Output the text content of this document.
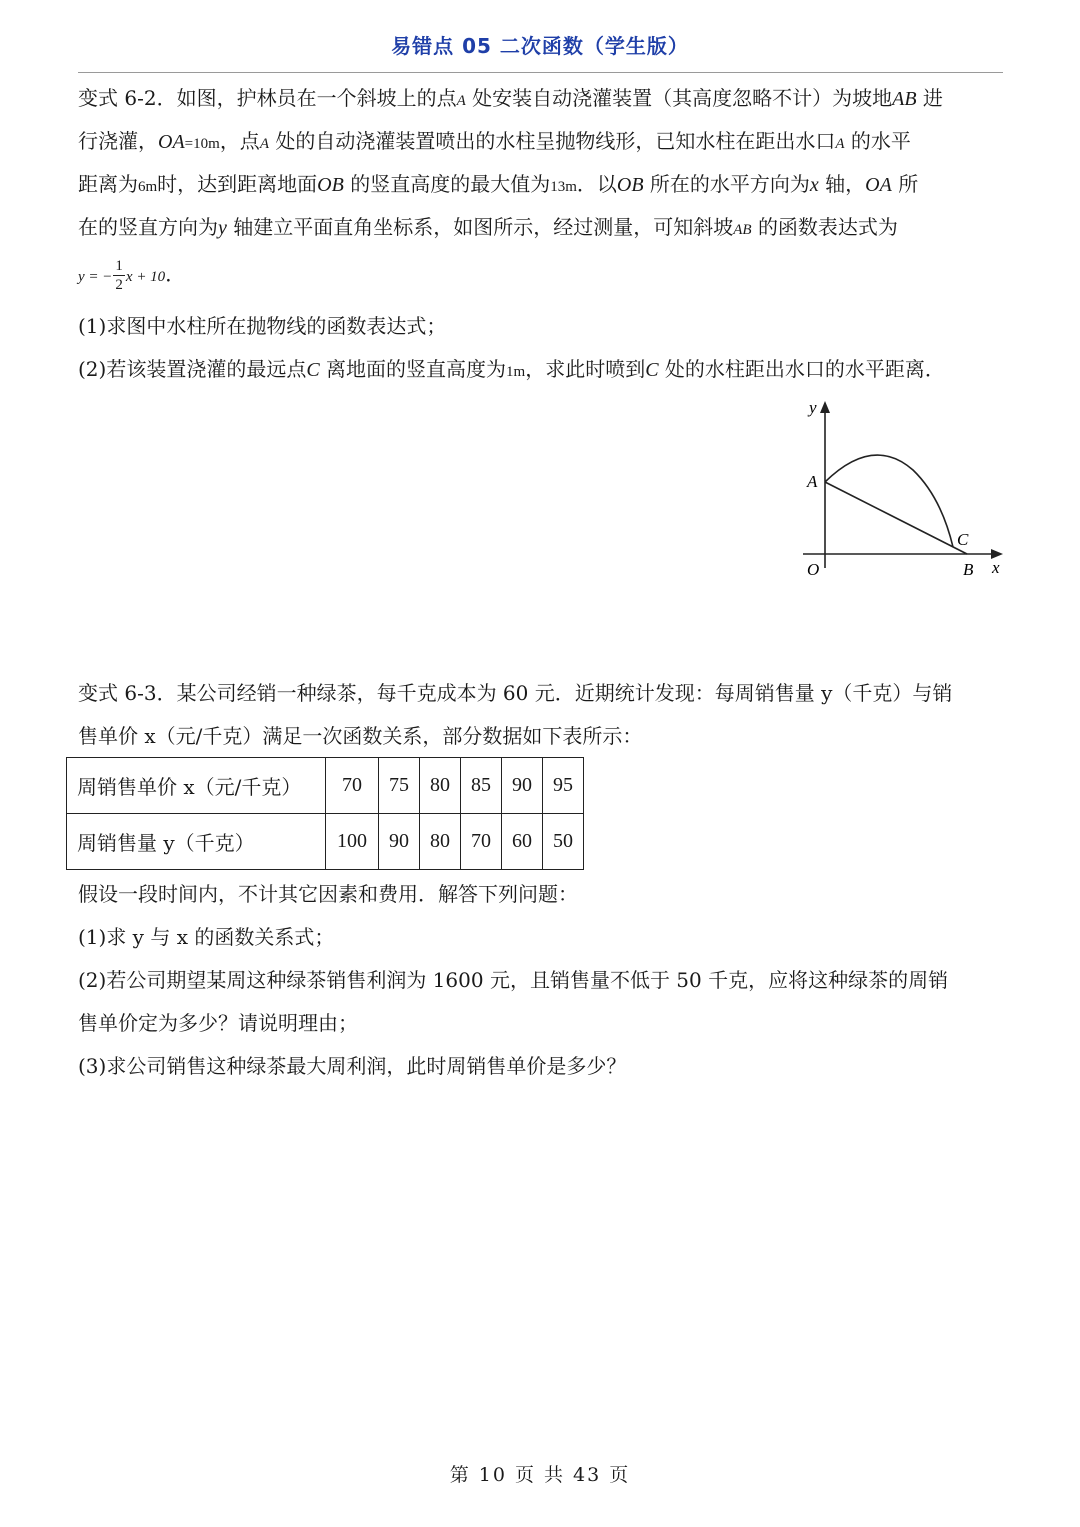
易错点 05 二次函数（学生版）
变式 6-2．如图，护林员在一个斜坡上的点A 处安装自动浇灌装置（其高度忽略不计）为坡地AB 进
行浇灌，OA=10m，点A 处的自动浇灌装置喷出的水柱呈抛物线形，已知水柱在距出水口A 的水平
距离为6m时，达到距离地面OB 的竖直高度的最大值为13m．以OB 所在的水平方向为x 轴，OA 所
在的竖直方向为y 轴建立平面直角坐标系，如图所示，经过测量，可知斜坡AB 的函数表达式为
y = − $\frac{1}{2}$ x + 10．
(1)求图中水柱所在抛物线的函数表达式；
(2)若该装置浇灌的最远点C 离地面的竖直高度为1m，求此时喷到C 处的水柱距出水口的水平距离．
y
x
A
C
O	B
变式 6-3．某公司经销一种绿茶，每千克成本为 60 元．近期统计发现：每周销售量 y（千克）与销
售单价 x（元/千克）满足一次函数关系，部分数据如下表所示：
周销售单价 x（元/千克）	70	75	80	85	90	95
周销售量 y（千克）	100	90	80	70	60	50
假设一段时间内，不计其它因素和费用．解答下列问题：
(1)求 y 与 x 的函数关系式；
(2)若公司期望某周这种绿茶销售利润为 1600 元，且销售量不低于 50 千克，应将这种绿茶的周销
售单价定为多少？请说明理由；
(3)求公司销售这种绿茶最大周利润，此时周销售单价是多少？
第 10 页 共 43 页
